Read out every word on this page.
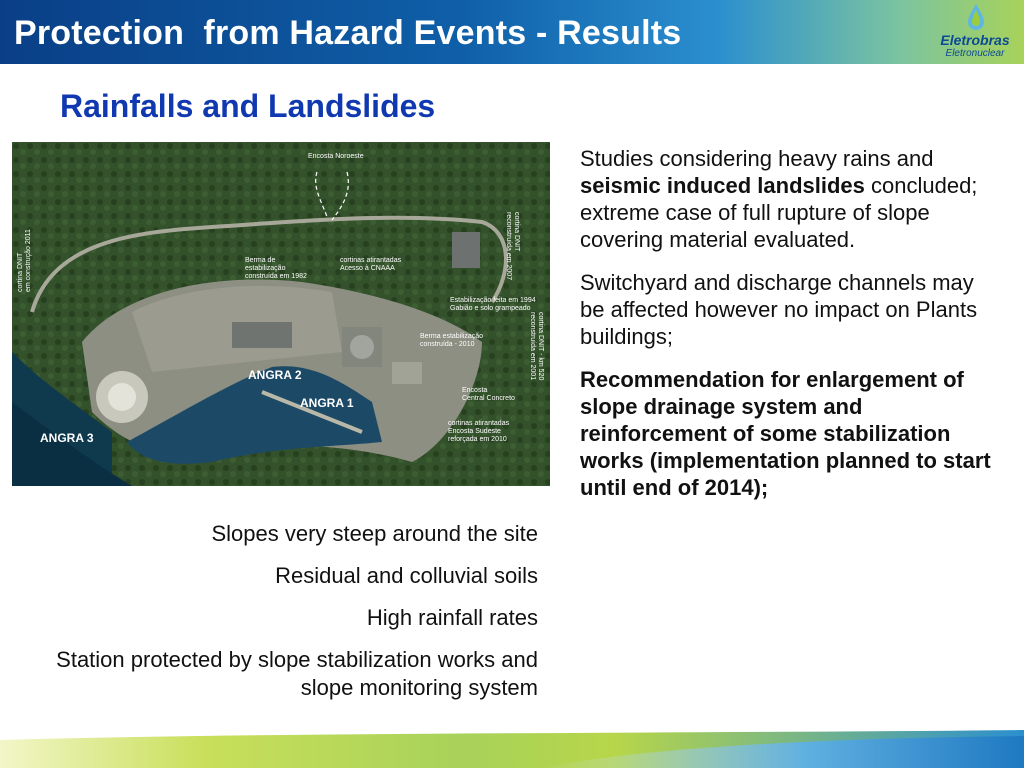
Protection  from Hazard Events - Results	Eletrobras
Eletronuclear
Rainfalls and Landslides
Encosta Noroeste
cortinas atirantadas
Acesso à CNAAA
Berma de
estabilização
construída em 1982
Estabilização feita em 1994
Gabião e solo grampeado
Berma estabilização
construída - 2010
Encosta
Central Concreto
cortinas atirantadas
Encosta Sudeste
reforçada em 2010
cortina DNIT em construção 2011	cortina DNIT
reconstruída em 2007
cortina DNIT - km 520
reconstruída em 2001
ANGRA 2
ANGRA 1
ANGRA 3

Slopes very steep around the site

Residual and colluvial soils

High rainfall rates

Station protected by slope stabilization works and slope monitoring system

Studies considering heavy rains and seismic induced landslides concluded; extreme case of full rupture of slope covering material evaluated.

Switchyard and discharge channels may be affected however no impact on Plants buildings;

Recommendation for enlargement of slope drainage system and reinforcement of some stabilization works (implementation planned to start until end of 2014);
